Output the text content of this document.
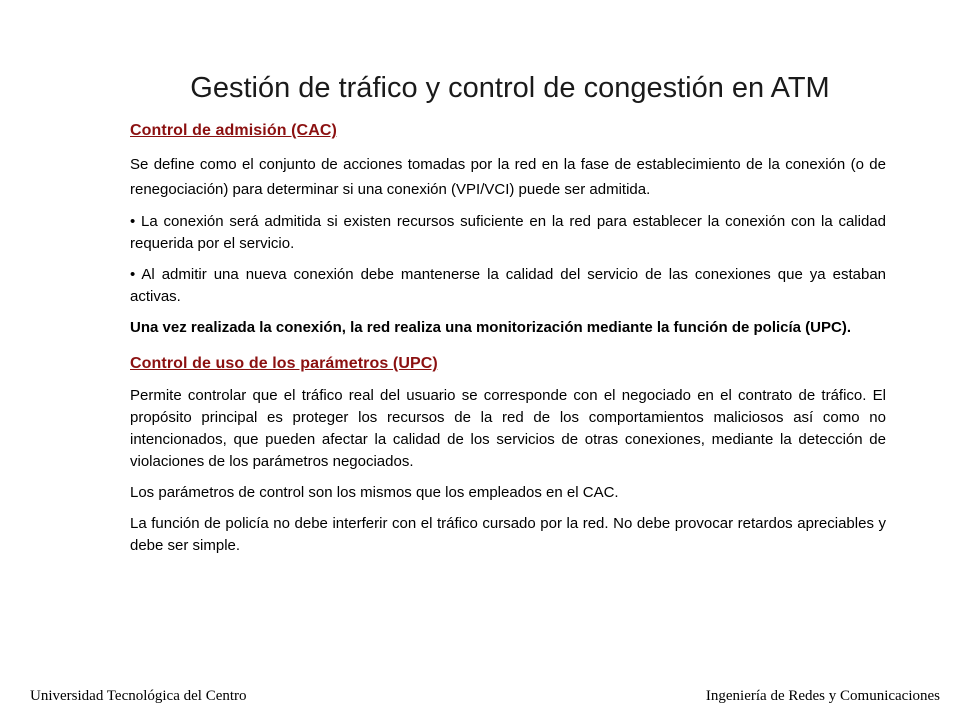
Gestión de tráfico y control de congestión en ATM
Control de admisión (CAC)

Se define como el conjunto de acciones tomadas por la red en la fase de establecimiento de la conexión (o de renegociación) para determinar si una conexión (VPI/VCI) puede ser admitida.

• La conexión será admitida si existen recursos suficiente en la red para establecer la conexión con la calidad requerida por el servicio.

• Al admitir una nueva conexión debe mantenerse la calidad del servicio de las conexiones que ya estaban activas.

Una vez realizada la conexión, la red realiza una monitorización mediante la función de policía (UPC).

Control de uso de los parámetros (UPC)

Permite controlar que el tráfico real del usuario se corresponde con el negociado en el contrato de tráfico. El propósito principal es proteger los recursos de la red de los comportamientos maliciosos así como no intencionados, que pueden afectar la calidad de los servicios de otras conexiones, mediante la detección de violaciones de los parámetros negociados.

Los parámetros de control son los mismos que los empleados en el CAC.

La función de policía no debe interferir con el tráfico cursado por la red. No debe provocar retardos apreciables y debe ser simple.

Universidad Tecnológica del Centro	Ingeniería de Redes y Comunicaciones
